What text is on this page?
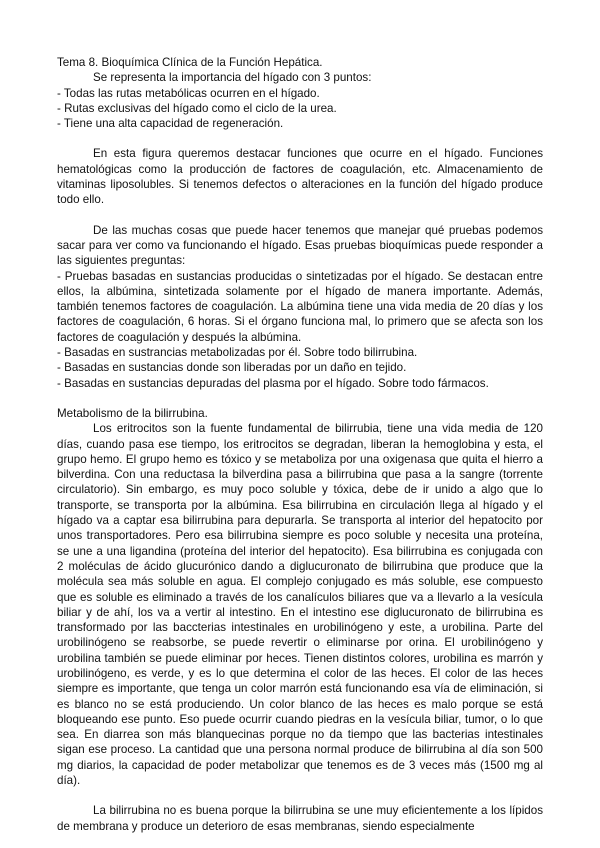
Tema 8. Bioquímica Clínica de la Función Hepática.

Se representa la importancia del hígado con 3 puntos:

- Todas las rutas metabólicas ocurren en el hígado.

- Rutas exclusivas del hígado como el ciclo de la urea.

- Tiene una alta capacidad de regeneración.

En esta figura queremos destacar funciones que ocurre en el hígado. Funciones hematológicas como la producción de factores de coagulación, etc. Almacenamiento de vitaminas liposolubles. Si tenemos defectos o alteraciones en la función del hígado produce todo ello.

De las muchas cosas que puede hacer tenemos que manejar qué pruebas podemos sacar para ver como va funcionando el hígado. Esas pruebas bioquímicas puede responder a las siguientes preguntas:

- Pruebas basadas en sustancias producidas o sintetizadas por el hígado. Se destacan entre ellos, la albúmina, sintetizada solamente por el hígado de manera importante. Además, también tenemos factores de coagulación. La albúmina tiene una vida media de 20 días y los factores de coagulación, 6 horas. Si el órgano funciona mal, lo primero que se afecta son los factores de coagulación y después la albúmina.

- Basadas en sustrancias metabolizadas por él. Sobre todo bilirrubina.

- Basadas en sustancias donde son liberadas por un daño en tejido.

- Basadas en sustancias depuradas del plasma por el hígado. Sobre todo fármacos.

Metabolismo de la bilirrubina.

Los eritrocitos son la fuente fundamental de bilirrubia, tiene una vida media de 120 días, cuando pasa ese tiempo, los eritrocitos se degradan, liberan la hemoglobina y esta, el grupo hemo. El grupo hemo es tóxico y se metaboliza por una oxigenasa que quita el hierro a bilverdina. Con una reductasa la bilverdina pasa a bilirrubina que pasa a la sangre (torrente circulatorio). Sin embargo, es muy poco soluble y tóxica, debe de ir unido a algo que lo transporte, se transporta por la albúmina. Esa bilirrubina en circulación llega al hígado y el hígado va a captar esa bilirrubina para depurarla. Se transporta al interior del hepatocito por unos transportadores. Pero esa bilirrubina siempre es poco soluble y necesita una proteína, se une a una ligandina (proteína del interior del hepatocito). Esa bilirrubina es conjugada con 2 moléculas de ácido glucurónico dando a diglucuronato de bilirrubina que produce que la molécula sea más soluble en agua. El complejo conjugado es más soluble, ese compuesto que es soluble es eliminado a través de los canalículos biliares que va a llevarlo a la vesícula biliar y de ahí, los va a vertir al intestino. En el intestino ese diglucuronato de bilirrubina es transformado por las baccterias intestinales en urobilinógeno y este, a urobilina. Parte del urobilinógeno se reabsorbe, se puede revertir o eliminarse por orina. El urobilinógeno y urobilina también se puede eliminar por heces. Tienen distintos colores, urobilina es marrón y urobilinógeno, es verde, y es lo que determina el color de las heces. El color de las heces siempre es importante, que tenga un color marrón está funcionando esa vía de eliminación, si es blanco no se está produciendo. Un color blanco de las heces es malo porque se está bloqueando ese punto. Eso puede ocurrir cuando piedras en la vesícula biliar, tumor, o lo que sea. En diarrea son más blanquecinas porque no da tiempo que las bacterias intestinales sigan ese proceso. La cantidad que una persona normal produce de bilirrubina al día son 500 mg diarios, la capacidad de poder metabolizar que tenemos es de 3 veces más (1500 mg al día).

La bilirrubina no es buena porque la bilirrubina se une muy eficientemente a los lípidos de membrana y produce un deterioro de esas membranas, siendo especialmente
